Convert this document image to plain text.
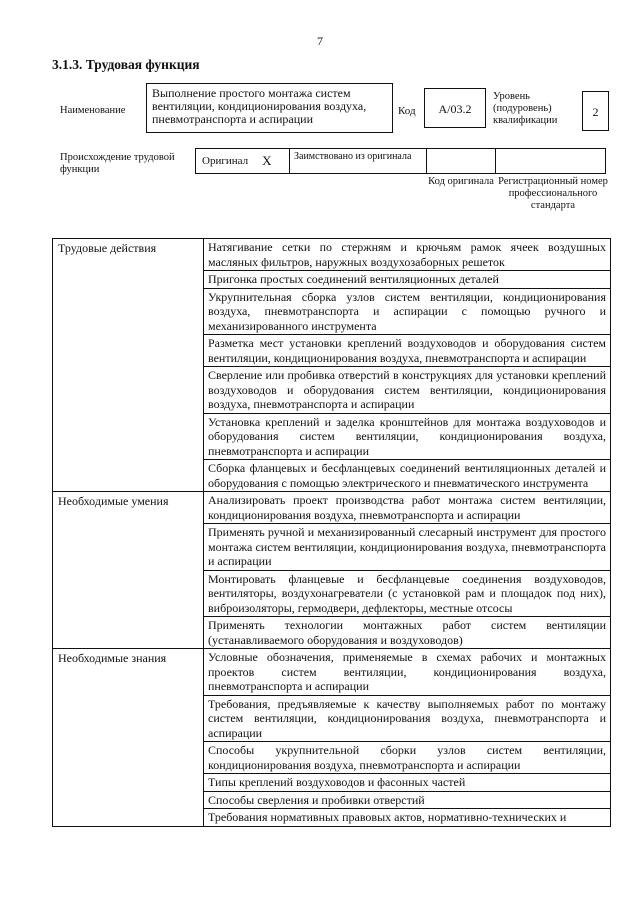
7
3.1.3. Трудовая функция
Наименование
Выполнение простого монтажа систем вентиляции, кондиционирования воздуха, пневмотранспорта и аспирации
Код	А/03.2
Уровень (подуровень) квалификации
2
Происхождение трудовой функции
Оригинал X	Заимствовано из оригинала
Код оригинала Регистрационный номер профессионального стандарта
Трудовые действия	Натягивание сетки по стержням и крючьям рамок ячеек воздушных масляных фильтров, наружных воздухозаборных решеток
	Пригонка простых соединений вентиляционных деталей
	Укрупнительная сборка узлов систем вентиляции, кондиционирования воздуха, пневмотранспорта и аспирации с помощью ручного и механизированного инструмента
	Разметка мест установки креплений воздуховодов и оборудования систем вентиляции, кондиционирования воздуха, пневмотранспорта и аспирации
	Сверление или пробивка отверстий в конструкциях для установки креплений воздуховодов и оборудования систем вентиляции, кондиционирования воздуха, пневмотранспорта и аспирации
	Установка креплений и заделка кронштейнов для монтажа воздуховодов и оборудования систем вентиляции, кондиционирования воздуха, пневмотранспорта и аспирации
	Сборка фланцевых и бесфланцевых соединений вентиляционных деталей и оборудования с помощью электрического и пневматического инструмента
Необходимые умения	Анализировать проект производства работ монтажа систем вентиляции, кондиционирования воздуха, пневмотранспорта и аспирации
	Применять ручной и механизированный слесарный инструмент для простого монтажа систем вентиляции, кондиционирования воздуха, пневмотранспорта и аспирации
	Монтировать фланцевые и бесфланцевые соединения воздуховодов, вентиляторы, воздухонагреватели (с установкой рам и площадок под них), виброизоляторы, гермодвери, дефлекторы, местные отсосы
	Применять технологии монтажных работ систем вентиляции (устанавливаемого оборудования и воздуховодов)
Необходимые знания	Условные обозначения, применяемые в схемах рабочих и монтажных проектов систем вентиляции, кондиционирования воздуха, пневмотранспорта и аспирации
	Требования, предъявляемые к качеству выполняемых работ по монтажу систем вентиляции, кондиционирования воздуха, пневмотранспорта и аспирации
	Способы укрупнительной сборки узлов систем вентиляции, кондиционирования воздуха, пневмотранспорта и аспирации
	Типы креплений воздуховодов и фасонных частей
	Способы сверления и пробивки отверстий
	Требования нормативных правовых актов, нормативно-технических и
